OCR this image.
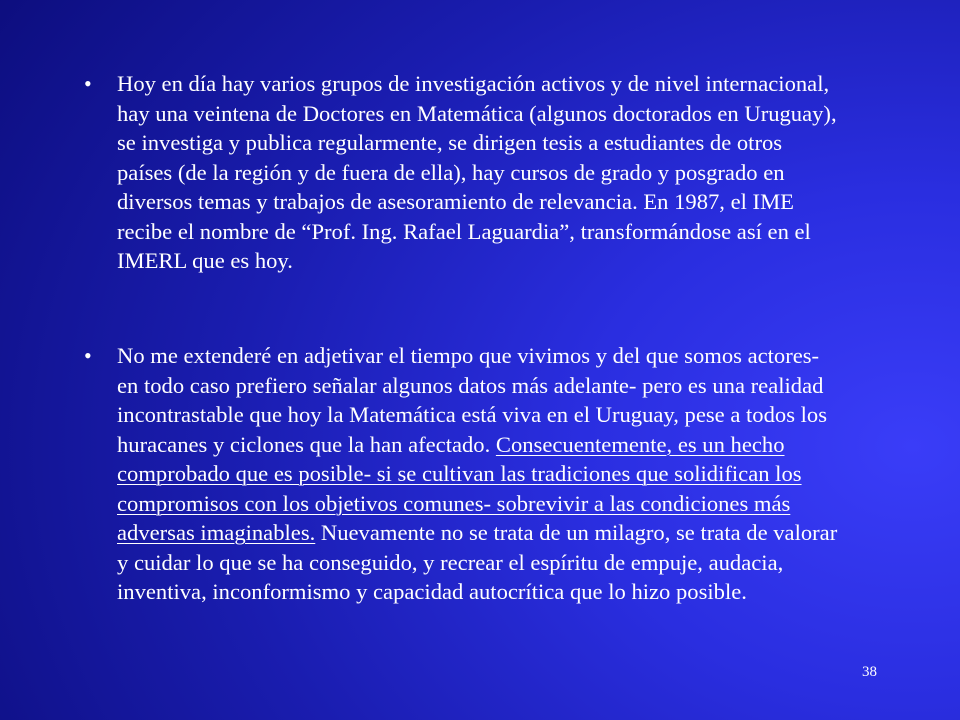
• Hoy en día hay varios grupos de investigación activos y de nivel internacional, hay una veintena de Doctores en Matemática (algunos doctorados en Uruguay), se investiga y publica regularmente, se dirigen tesis a estudiantes de otros países (de la región y de fuera de ella), hay cursos de grado y posgrado en diversos temas y trabajos de asesoramiento de relevancia. En 1987, el IME recibe el nombre de “Prof. Ing. Rafael Laguardia”, transformándose así en el IMERL que es hoy.

• No me extenderé en adjetivar el tiempo que vivimos y del que somos actores- en todo caso prefiero señalar algunos datos más adelante- pero es una realidad incontrastable que hoy la Matemática está viva en el Uruguay, pese a todos los huracanes y ciclones que la han afectado. Consecuentemente, es un hecho comprobado que es posible- si se cultivan las tradiciones que solidifican los compromisos con los objetivos comunes- sobrevivir a las condiciones más adversas imaginables. Nuevamente no se trata de un milagro, se trata de valorar y cuidar lo que se ha conseguido, y recrear el espíritu de empuje, audacia, inventiva, inconformismo y capacidad autocrítica que lo hizo posible.

38
